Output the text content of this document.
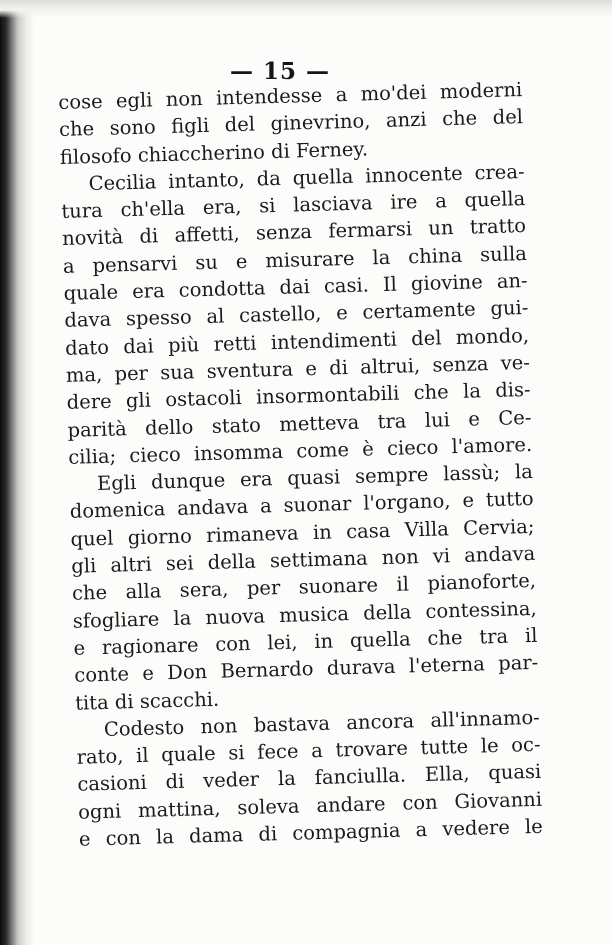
— 15 —
cose egli non intendesse a mo'dei moderni
che sono figli del ginevrino, anzi che del
filosofo chiaccherino di Ferney.
Cecilia intanto, da quella innocente crea-
tura ch'ella era, si lasciava ire a quella
novità di affetti, senza fermarsi un tratto
a pensarvi su e misurare la china sulla
quale era condotta dai casi. Il giovine an-
dava spesso al castello, e certamente gui-
dato dai più retti intendimenti del mondo,
ma, per sua sventura e di altrui, senza ve-
dere gli ostacoli insormontabili che la dis-
parità dello stato metteva tra lui e Ce-
cilia; cieco insomma come è cieco l'amore.
Egli dunque era quasi sempre lassù; la
domenica andava a suonar l'organo, e tutto
quel giorno rimaneva in casa Villa Cervia;
gli altri sei della settimana non vi andava
che alla sera, per suonare il pianoforte,
sfogliare la nuova musica della contessina,
e ragionare con lei, in quella che tra il
conte e Don Bernardo durava l'eterna par-
tita di scacchi.
Codesto non bastava ancora all'innamo-
rato, il quale si fece a trovare tutte le oc-
casioni di veder la fanciulla. Ella, quasi
ogni mattina, soleva andare con Giovanni
e con la dama di compagnia a vedere le
